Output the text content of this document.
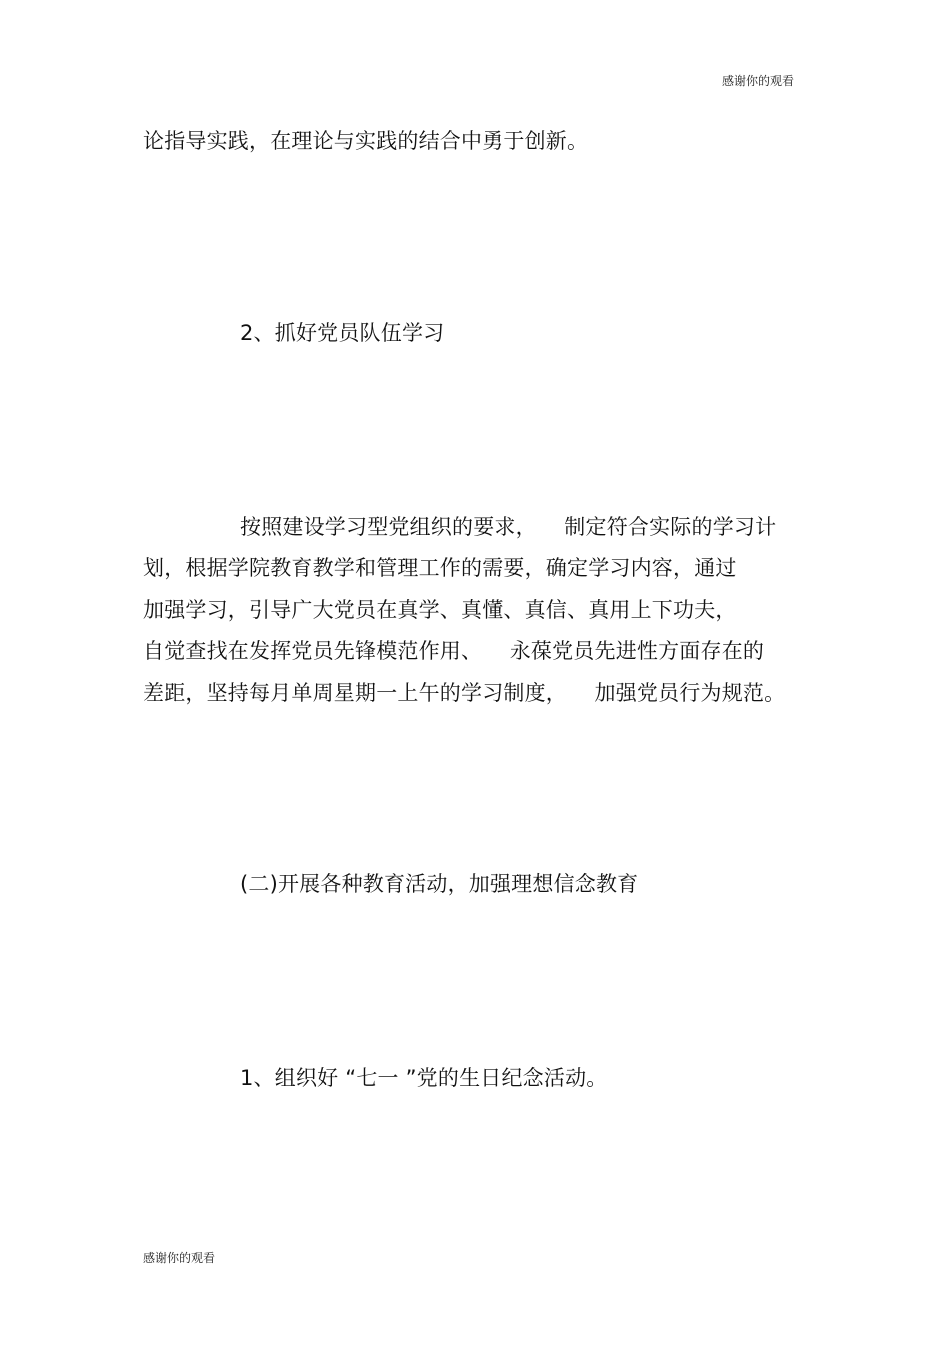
感谢你的观看
论指导实践，在理论与实践的结合中勇于创新。
2、抓好党员队伍学习
按照建设学习型党组织的要求，    制定符合实际的学习计
划，根据学院教育教学和管理工作的需要，确定学习内容，通过
加强学习，引导广大党员在真学、真懂、真信、真用上下功夫，
自觉查找在发挥党员先锋模范作用、    永葆党员先进性方面存在的
差距，坚持每月单周星期一上午的学习制度，    加强党员行为规范。
(二)开展各种教育活动，加强理想信念教育
1、组织好 “七一 ”党的生日纪念活动。
感谢你的观看
